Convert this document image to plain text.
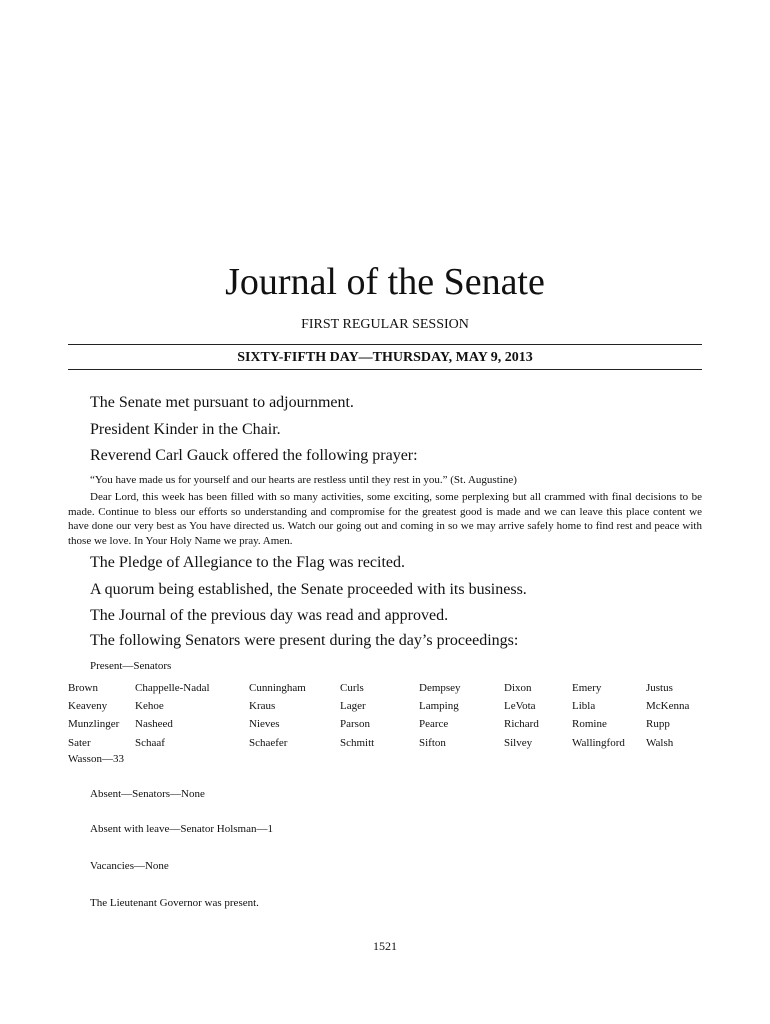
Journal of the Senate
FIRST REGULAR SESSION
SIXTY-FIFTH DAY—THURSDAY, MAY 9, 2013
The Senate met pursuant to adjournment.
President Kinder in the Chair.
Reverend Carl Gauck offered the following prayer:
“You have made us for yourself and our hearts are restless until they rest in you.” (St. Augustine)

Dear Lord, this week has been filled with so many activities, some exciting, some perplexing but all crammed with final decisions to be made. Continue to bless our efforts so understanding and compromise for the greatest good is made and we can leave this place content we have done our very best as You have directed us. Watch our going out and coming in so we may arrive safely home to find rest and peace with those we love. In Your Holy Name we pray. Amen.

The Pledge of Allegiance to the Flag was recited.
A quorum being established, the Senate proceeded with its business.
The Journal of the previous day was read and approved.
The following Senators were present during the day’s proceedings:
Present—Senators
Brown	Chappelle-Nadal	Cunningham	Curls	Dempsey	Dixon	Emery	Justus
Keaveny	Kehoe	Kraus	Lager	Lamping	LeVota	Libla	McKenna
Munzlinger	Nasheed	Nieves	Parson	Pearce	Richard	Romine	Rupp
Sater	Schaaf	Schaefer	Schmitt	Sifton	Silvey	Wallingford	Walsh
Wasson—33
Absent—Senators—None
Absent with leave—Senator Holsman—1
Vacancies—None
The Lieutenant Governor was present.
1521
